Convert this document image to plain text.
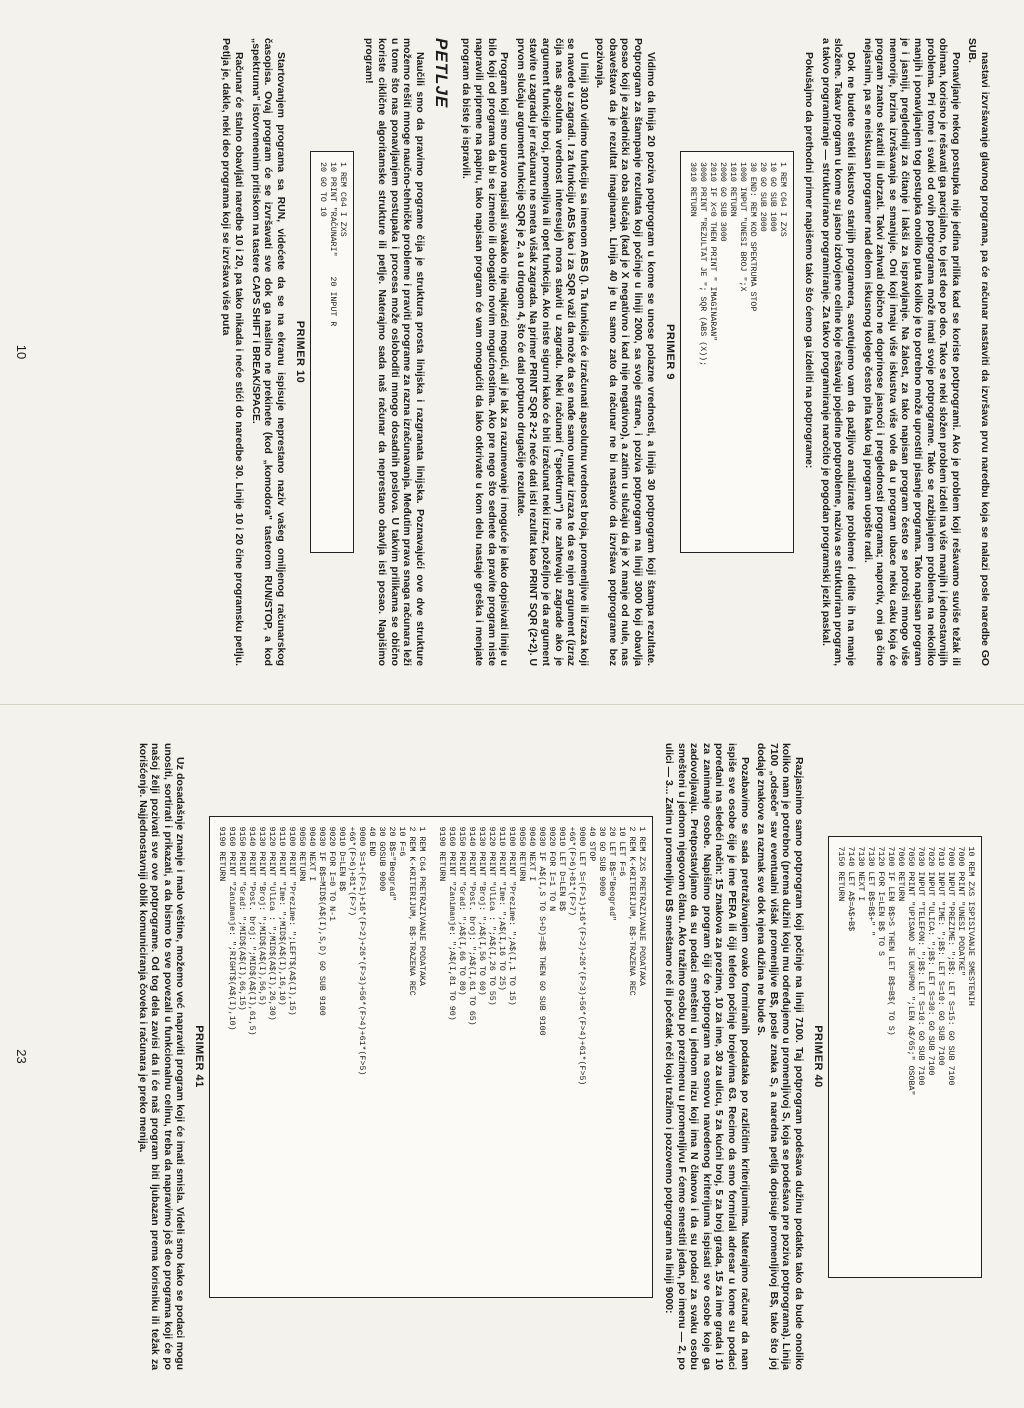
nastavi izvršavanje glavnog programa, pa će računar nastaviti da izvršava prvu naredbu koja se nalazi posle naredbe GO SUB.

Ponavljanje nekog postupka nije jedina prilika kad se koriste potprogrami. Ako je problem koji rešavamo suviše težak ili obiman, korisno je rešavati ga parcijalno, to jest deo po deo. Tako se neki složen problem izdeli na više manjih i jednostavnijih problema. Pri tome i svaki od ovih potprograma može imati svoje potprograme. Tako se razbijanjem problema na nekoliko manjih i ponavljanjem tog postupka onoliko puta koliko je to potrebno može uprostiti pisanje programa. Tako napisan program je i jasniji, pregledniji za čitanje i lakši za ispravljanje. Na žalost, za tako napisan program često se potroši mnogo više memorije, brzina izvršavanja se smanjuje. Oni koji imaju više iskustva više vole da u program ubace neku caku koja će program znatno skratiti ili ubrzati. Takvi zahvati obično ne doprinose jasnoći i preglednosti programa; naprotiv, oni ga čine nejasnim, pa se neiskusan programer nad delom iskusnog kolege često pita kako taj program uopšte radi.

Dok ne budete stekli iskustvo starijih programera, savetujemo vam da pažljivo analizirate probleme i delite ih na manje složene. Takav program u kome su jasno izdvojene celine koje rešavaju pojedine potprobleme, naziva se strukturiran program, a takvo programiranje — strukturirano programiranje. Za takvo programiranje naročito je pogodan programski jezik paskal.

Pokušajmo da prethodni primer napišemo tako što ćemo ga izdeliti na potprograme:

1 REM C64 I ZXS
10 GO SUB 1000
20 GO SUB 2000
30 END: REM KOD SPEKTRUMA STOP
1000 INPUT "UNESI BROJ ";X
1010 RETURN
2000 GO SUB 3000
2010 IF X<0 THEN PRINT " IMAGINARAN"
3000 PRINT "REZULTAT JE "; SQR (ABS (X));
3010 RETURN
PRIMER 9

Vidimo da linija 20 poziva potprogram u kome se unose polazne vrednosti, a linija 30 potprogram koji štampa rezultate. Potprogram za štampanje rezultata koji počinje u liniji 2000, sa svoje strane, i poziva potprogram na liniji 3000 koji obavlja posao koji je zajednički za oba slučaja (kad je X negativno i kad nije negativno), a zatim u slučaju da je X manje od nule, nas obaveštava da je rezultat imaginaran. Linija 40 je tu samo zato da računar ne bi nastavio da izvršava potprograme bez pozivanja.

U liniji 3010 vidimo funkciju sa imenom ABS (). Ta funkcija će izračunati apsolutnu vrednost broja, promenljive ili izraza koji se navede u zagradi. I za funkciju ABS kao i za SQR važi da može da se nađe samo unutar izraza te da se njen argument (izraz čija nas apsolutna vrednost interesuje) mora staviti u zagradu. Neki računari ("spektrum") ne zahtevaju zagrade ako je argument funkcije broj, promenljiva ili opet funkcija. Ako niste sigurni kako će biti izračunat neki izraz, poželjno je da argument stavite u zagradu jer računaru ne smeta višak zagrada. Na primer PRINT SQR 2+2 neće dati isti rezultat kao PRINT SQR (2+2). U prvom slučaju argument funkcije SQR je 2, a u drugom 4, što će dati potpuno drugačije rezultate.

Program koji smo upravo napisali svakako nije najkraći mogući, ali je lak za razumevanje i moguće je lako dopisivati linije u bilo koji od programa da bi se izmenio ili obogatio novim mogućnostima. Ako pre nego što sednete da pravite program niste napravili pripreme na papiru, tako napisan program će vam omogućiti da lako otkrivate u kom delu nastaje greška i menjate program da biste je ispravili.

PETLJE

Naučili smo da pravimo programe čija je struktura prosta linijska i razgranata linijska. Poznavajući ove dve strukture možemo rešiti mnoge naučno-tehničke probleme i praviti programe za razna izračunavanja. Međutim prava snaga računara leži u tome što nas ponavljanjem postupaka i procesa može osloboditi mnogo dosadnih poslova. U takvim prilikama se obično koriste ciklične algoritamske strukture ili petlje. Naterajmo sada naš računar da neprestano obavlja isti posao. Napišimo program!

1 REM C64 I ZXS
10 PRINT "RAČUNARI"    20 INPUT R
20 GO TO 10
PRIMER 10

Startovanjem programa sa RUN, videćete da se na ekranu ispisuje neprestano naziv vašeg omiljenog računarskog časopisa. Ovaj program će se izvršavati sve dok ga nasilno ne prekinete (kod „komodora" tasterom RUN/STOP, a kod „spektruma" istovremenim pritiskom na tastere CAPS SHIFT i BREAK/SPACE.

Računar će stalno obavljati naredbe 10 i 20, pa tako nikada i neće stići do naredbe 30. Linije 10 i 20 čine programsku petlju. Petlja je, dakle, neki deo programa koji se izvršava više puta

10
10 REM ZXS ISPISIVANJE SMESTENIH
7000 PRINT "UNESI PODATKE"
7000 INPUT "PREZIME: ";B$: LET S=15: GO SUB 7100
7010 INPUT "IME: ";B$: LET S=10: GO SUB 7100
7020 INPUT "ULICA: ";B$: LET S=30: GO SUB 7100
7030 INPUT "TELEFON: ";B$: LET S=10: GO SUB 7100
7050 PRINT "UPISANO JE UKUPNO ";LEN A$/65;" OSOBA"
7060 RETURN
7100 IF LEN B$>S THEN LET B$=B$( TO S)
7120 FOR I=LEN B$ TO S
7130 LET B$=B$+" "
7130 NEXT I
7140 LET A$=A$+B$
7150 RETURN
PRIMER 40

Razjasnimo samo potprogram koji počinje na liniji 7100. Taj potprogram podešava dužinu podatka tako da bude onoliko koliko nam je potrebno (prema dužini koju mu određujemo u promenljivoj S, koja se podešava pre poziva potprograma). Linija 7100 „odseče" sav eventualni višak promenljive B$, posle znaka S, a naredna petlja dopisuje promenljivoj B$, tako što joj dodaje znakove za razmak sve dok njena dužina ne bude S.

Pozabavimo se sada pretraživanjem ovako formiranih podataka po različitim kriterijumima. Naterajmo računar da nam ispiše sve osobe čije je ime PERA ili čiji telefon počinje brojevima 63. Recimo da smo formirali adresar u kome su podaci poređani na sledeći način: 15 znakova za prezime, 10 za ime, 30 za ulicu, 5 za kućni broj, 5 za broj grada, 15 za ime grada i 10 za zanimanje osobe. Napišimo program čiji će potprogram na osnovu navedenog kriterijuma ispisati sve osobe koje ga zadovoljavaju. Pretpostavljamo da su podaci smešteni u jednom nizu koji ima N članova i da su podaci za svaku osobu smešteni u jednom njegovom članu. Ako tražimo osobu po prezimenu u promenljivu F ćemo smestiti jedan, po imenu — 2, po ulici — 3... Zatim u promenljivu B$ smeštamo reč ili početak reči koju tražimo i pozovemo potprogram na liniji 9000:

1 REM ZXS PRETRAZIVANJE PODATAKA
2 REM K-KRITERIJUM, B$-TRAZENA REC
10 LET F=6
20 LET B$="Beograd"
30 GO SUB 9000
40 STOP
9000 LET S=(F>1)+16*(F>2)+26*(F>3)+56*(F>4)+61*(F>5)
+66*(F>6)+81*(F>7)
9010 LET D=LEN B$
9020 FOR I=1 TO N
9030 IF A$(I,S TO S+D)=B$ THEN GO SUB 9100
9040 NEXT I
9050 RETURN
9100 PRINT "Prezime: ";A$(I,1 TO 15)
9110 PRINT "Ime: ";A$(I,16 TO 25)
9120 PRINT "Ulica : ";A$(I,26 TO 55)
9130 PRINT "Broj: ";A$(I,56 TO 60)
9140 PRINT "Post. broj: ";A$(I,61 TO 65)
9150 PRINT "Grad: ";A$(I,66 TO 80)
9160 PRINT "Zanimanje: ";A$(I,81 TO 90)
9190 RETURN

1 REM C64 PRETRAZIVANJE PODATAKA
2 REM K-KRITERIJUM, B$-TRAZENA REC
10 F=6
20 B$="Beograd"
30 GOSUB 9000
40 END
9000 S=1+(F>1)+16*(F>2)+26*(F>3)+56*(F>4)+61*(F>5)
+66*(F>6)+81*(F>7)
9010 D=LEN B$
9020 FOR I=0 TO N-1
9030 IF B$=MID$(A$(I),S,D) GO SUB 9100
9040 NEXT I
9050 RETURN
9100 PRINT "Prezime: ";LEFT$(A$(I),15)
9110 PRINT "Ime: ";MID$(A$(I),16,10)
9120 PRINT "Ulica : ";MID$(A$(I),26,30)
9130 PRINT "Broj: ";MID$(A$(I),56,5)
9140 PRINT "Post. broj: ";MID$(A$(I),61,5)
9150 PRINT "Grad: ";MID$(A$(I),66,15)
9160 PRINT "Zanimanje: ";RIGHT$(A$(I),10)
9190 RETURN
PRIMER 41

Uz dosadašnje znanje i malo veštine, možemo već napraviti program koji će imati smisla. Videli smo kako se podaci mogu unositi, sortirati i prikazati, a da bismo to sve povezali u funkcionalnu celinu, treba da napravimo još deo programa koji će po našoj želji pozivati sve ove potprograme. Od tog dela zavisi da li će naš program biti ljubazan prema korisniku ili težak za korišćenje. Najjednostavniji oblik komuniciranja čoveka i računara je preko menija.

23
